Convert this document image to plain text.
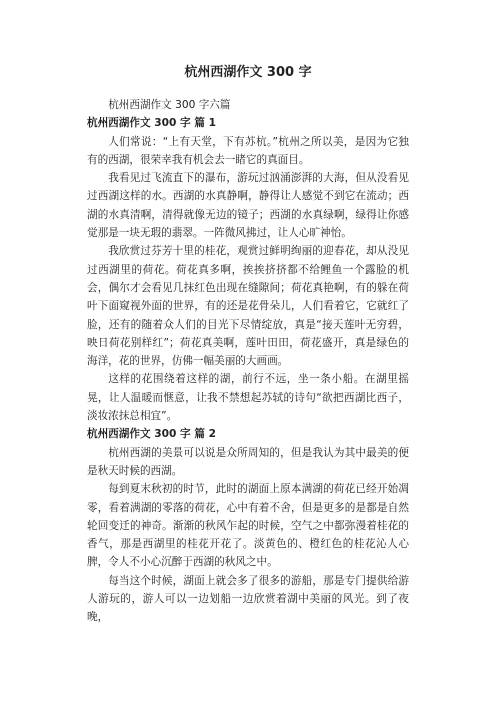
杭州西湖作文 300 字

杭州西湖作文 300 字六篇

杭州西湖作文 300 字 篇 1

人们常说：“上有天堂，下有苏杭。”杭州之所以美，是因为它独有的西湖，很荣幸我有机会去一睹它的真面目。

我看见过飞流直下的瀑布，游玩过汹涌澎湃的大海，但从没看见过西湖这样的水。西湖的水真静啊，静得让人感觉不到它在流动；西湖的水真清啊，清得就像无边的镜子；西湖的水真绿啊，绿得让你感觉那是一块无瑕的翡翠。一阵微风拂过，让人心旷神怡。

我欣赏过芬芳十里的桂花，观赏过鲜明绚丽的迎春花，却从没见过西湖里的荷花。荷花真多啊，挨挨挤挤都不给鲤鱼一个露脸的机会，偶尔才会看见几抹红色出现在缝隙间；荷花真艳啊，有的躲在荷叶下面窥视外面的世界，有的还是花骨朵儿，人们看着它，它就红了脸，还有的随着众人们的目光下尽情绽放，真是“接天莲叶无穷碧，映日荷花别样红”；荷花真美啊，莲叶田田，荷花盛开，真是绿色的海洋，花的世界，仿佛一幅美丽的大画画。

这样的花围绕着这样的湖，前行不远，坐一条小船。在湖里摇晃，让人温暖而惬意，让我不禁想起苏轼的诗句“欲把西湖比西子，淡妆浓抹总相宜”。

杭州西湖作文 300 字 篇 2

杭州西湖的美景可以说是众所周知的，但是我认为其中最美的便是秋天时候的西湖。

每到夏末秋初的时节，此时的湖面上原本满湖的荷花已经开始凋零，看着满湖的零落的荷花，心中有着不舍，但是更多的是都是自然轮回变迁的神奇。渐渐的秋风乍起的时候，空气之中都弥漫着桂花的香气，那是西湖里的桂花开花了。淡黄色的、橙红色的桂花沁人心脾，令人不小心沉醉于西湖的秋风之中。

每当这个时候，湖面上就会多了很多的游船，那是专门提供给游人游玩的，游人可以一边划船一边欣赏着湖中美丽的风光。到了夜晚，
